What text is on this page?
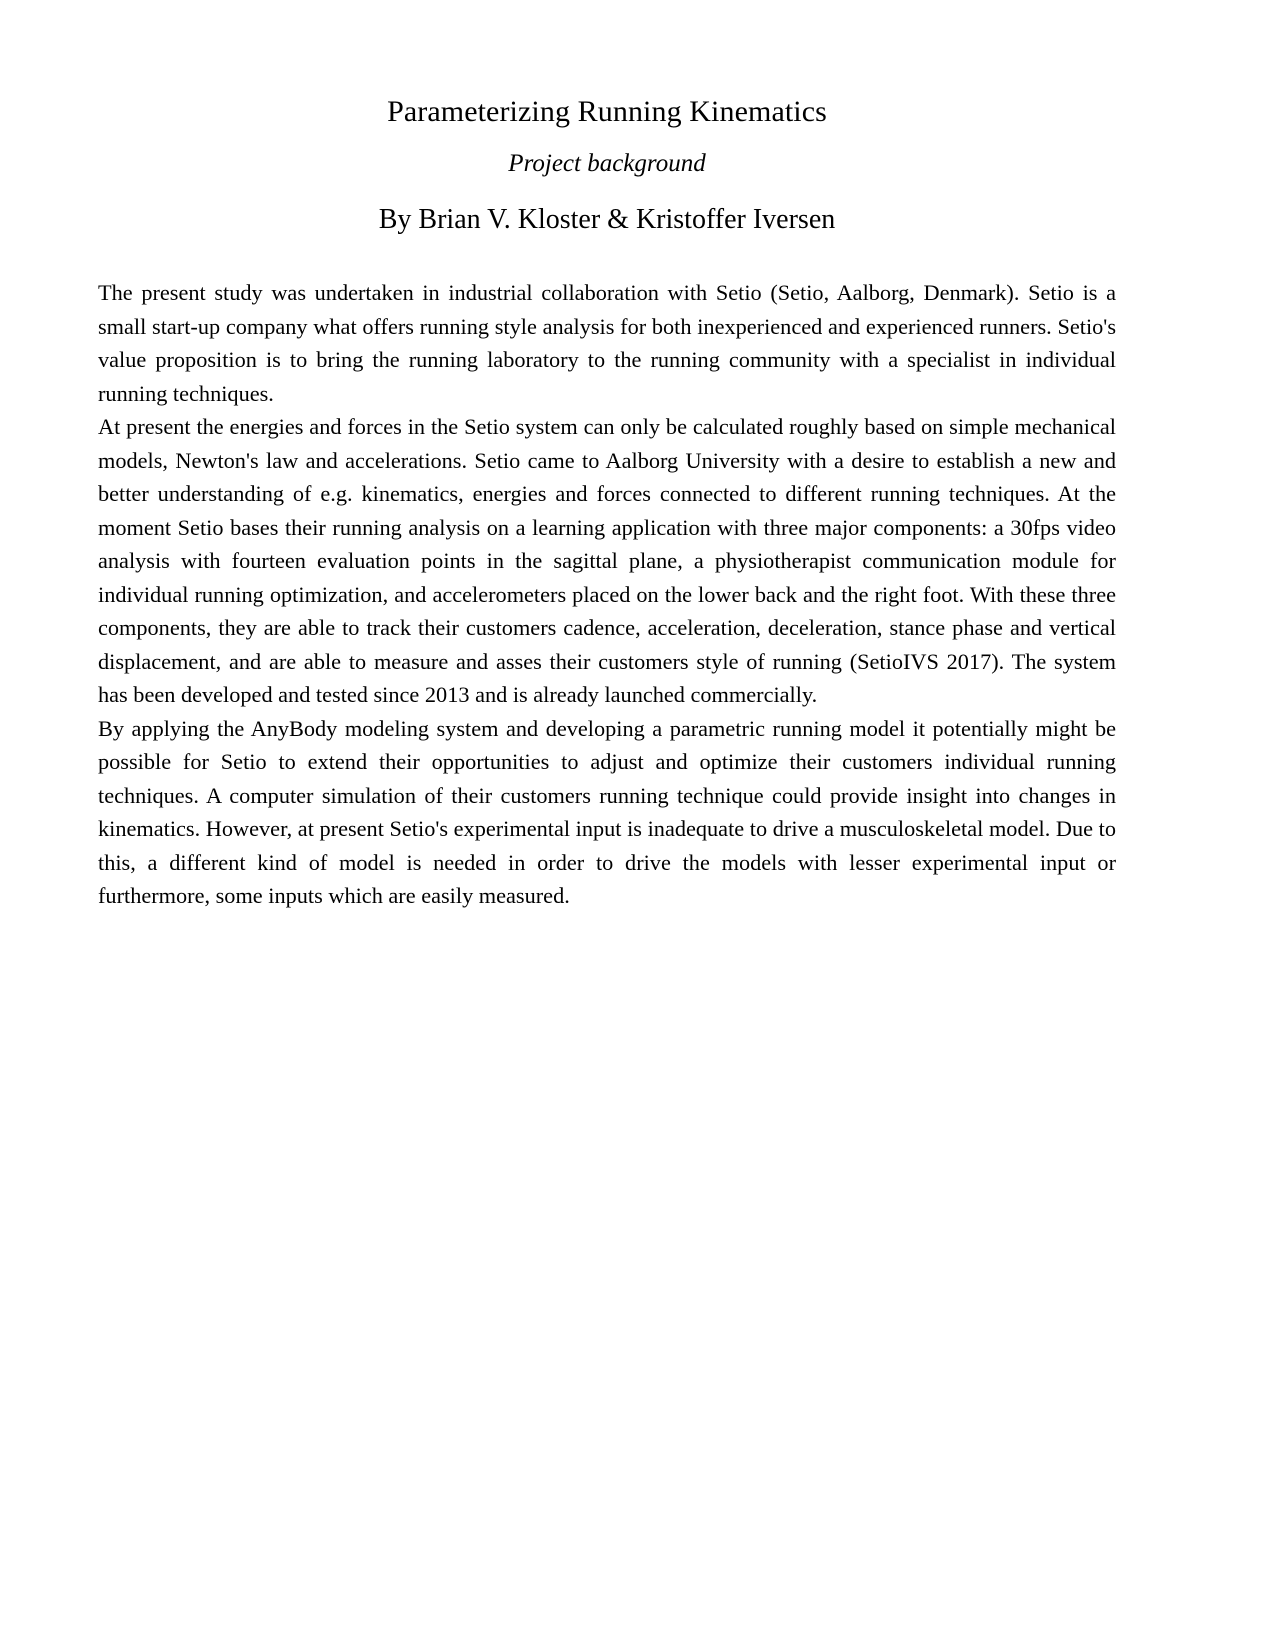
Parameterizing Running Kinematics
Project background
By Brian V. Kloster & Kristoffer Iversen

The present study was undertaken in industrial collaboration with Setio (Setio, Aalborg, Denmark). Setio is a small start-up company what offers running style analysis for both inexperienced and experienced runners. Setio's value proposition is to bring the running laboratory to the running community with a specialist in individual running techniques.

At present the energies and forces in the Setio system can only be calculated roughly based on simple mechanical models, Newton's law and accelerations. Setio came to Aalborg University with a desire to establish a new and better understanding of e.g. kinematics, energies and forces connected to different running techniques. At the moment Setio bases their running analysis on a learning application with three major components: a 30fps video analysis with fourteen evaluation points in the sagittal plane, a physiotherapist communication module for individual running optimization, and accelerometers placed on the lower back and the right foot. With these three components, they are able to track their customers cadence, acceleration, deceleration, stance phase and vertical displacement, and are able to measure and asses their customers style of running (SetioIVS 2017). The system has been developed and tested since 2013 and is already launched commercially.

By applying the AnyBody modeling system and developing a parametric running model it potentially might be possible for Setio to extend their opportunities to adjust and optimize their customers individual running techniques. A computer simulation of their customers running technique could provide insight into changes in kinematics. However, at present Setio's experimental input is inadequate to drive a musculoskeletal model. Due to this, a different kind of model is needed in order to drive the models with lesser experimental input or furthermore, some inputs which are easily measured.
